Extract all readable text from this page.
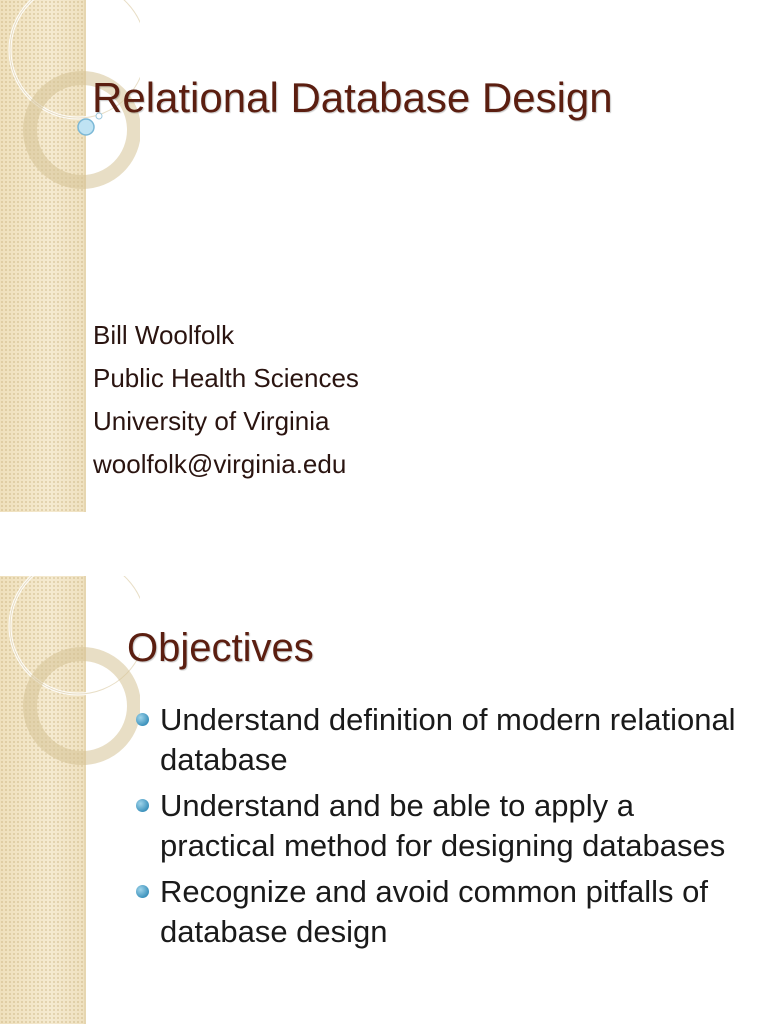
Relational Database Design
Bill Woolfolk
Public Health Sciences
University of Virginia
woolfolk@virginia.edu
Objectives
Understand definition of modern relational database
Understand and be able to apply a practical method for designing databases
Recognize and avoid common pitfalls of database design
